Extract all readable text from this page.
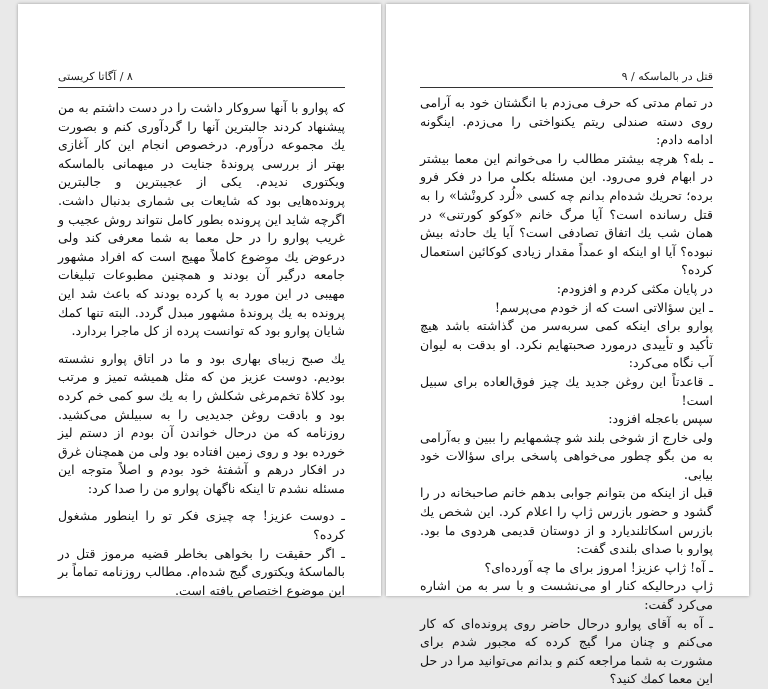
۸ / آگاتا کریستی

که پوارو با آنها سروکار داشت را در دست داشتم به من پیشنهاد کردند جالبترین آنها را گردآوری کنم و بصورت یك مجموعه درآورم. درخصوص انجام این کار آغازی بهتر از بررسی پروندهٔ جنایت در میهمانی بالماسکه ویکتوری ندیدم. یکی از عجیبترین و جالبترین پرونده‌هایی بود که شایعات بی شماری بدنبال داشت. اگرچه شاید این پرونده بطور کامل نتواند روش عجیب و غریب پوارو را در حل معما به شما معرفی کند ولی درعوض یك موضوع کاملاً مهیج است که افراد مشهور جامعه درگیر آن بودند و همچنین مطبوعات تبلیغات مهیبی در این مورد به پا کرده بودند که باعث شد این پرونده به یك پروندهٔ مشهور مبدل گردد. البته تنها کمك شایان پوارو بود که توانست پرده از کل ماجرا بردارد.

یك صبح زیبای بهاری بود و ما در اتاق پوارو نشسته بودیم. دوست عزیز من که مثل همیشه تمیز و مرتب بود کلاهٔ تخم‌مرغی شکلش را به یك سو کمی خم کرده بود و بادقت روغن جدیدیی را به سبیلش می‌کشید. روزنامه که من درحال خواندن آن بودم از دستم لیز خورده بود و روی زمین افتاده بود ولی من همچنان غرق در افکار درهم و آشفتهٔ خود بودم و اصلاً متوجه این مسئله نشدم تا اینکه ناگهان پوارو من را صدا کرد:

ـ دوست عزیز! چه چیزی فکر تو را اینطور مشغول کرده؟

ـ اگر حقیقت را بخواهی بخاطر قضیه مرموز قتل در بالماسکهٔ ویکتوری گیج شده‌ام. مطالب روزنامه تماماً بر این موضوع اختصاص یافته است.

قتل در بالماسکه / ۹

در تمام مدتی که حرف می‌زدم با انگشتان خود به آرامی روی دسته صندلی ریتم یکنواختی را می‌زدم. اینگونه ادامه دادم:

ـ بله؟ هرچه بیشتر مطالب را می‌خوانم این معما بیشتر در ابهام فرو می‌رود. این مسئله بکلی مرا در فکر فرو برده؛ تحریك شده‌ام بدانم چه کسی «لُرد کرونْشا» را به قتل رسانده است؟ آیا مرگ خانم «کوکو کورتنی» در همان شب یك اتفاق تصادفی است؟ آیا یك حادثه بیش نبوده؟ آیا او اینکه او عمداً مقدار زیادی کوکائین استعمال کرده؟

در پایان مکثی کردم و افزودم:

ـ این سؤالاتی است که از خودم می‌پرسم!

پوارو برای اینکه کمی سربه‌سر من گذاشته باشد هیچ تأکید و تأییدی درمورد صحبتهایم نکرد. او بدقت به لیوان آب نگاه می‌کرد:

ـ قاعدتاً این روغن جدید یك چیز فوق‌العاده برای سبیل است!

سپس باعجله افزود:

ولی خارج از شوخی بلند شو چشمهایم را ببین و به‌آرامی به من بگو چطور می‌خواهی پاسخی برای سؤالات خود بیابی.

قبل از اینکه من بتوانم جوابی بدهم خانم صاحبخانه در را گشود و حضور بازرس ژاپ را اعلام کرد. این شخص یك بازرس اسکاتلندیارد و از دوستان قدیمی هردوی ما بود. پوارو با صدای بلندی گفت:

ـ آه! ژاپ عزیز! امروز برای ما چه آورده‌ای؟

ژاپ درحالیکه کنار او می‌نشست و با سر به من اشاره می‌کرد گفت:

ـ آه به آقای پوارو درحال حاضر روی پرونده‌ای که کار می‌کنم و چنان مرا گیج کرده که مجبور شدم برای مشورت به شما مراجعه کنم و بدانم می‌توانید مرا در حل این معما کمك کنید؟
